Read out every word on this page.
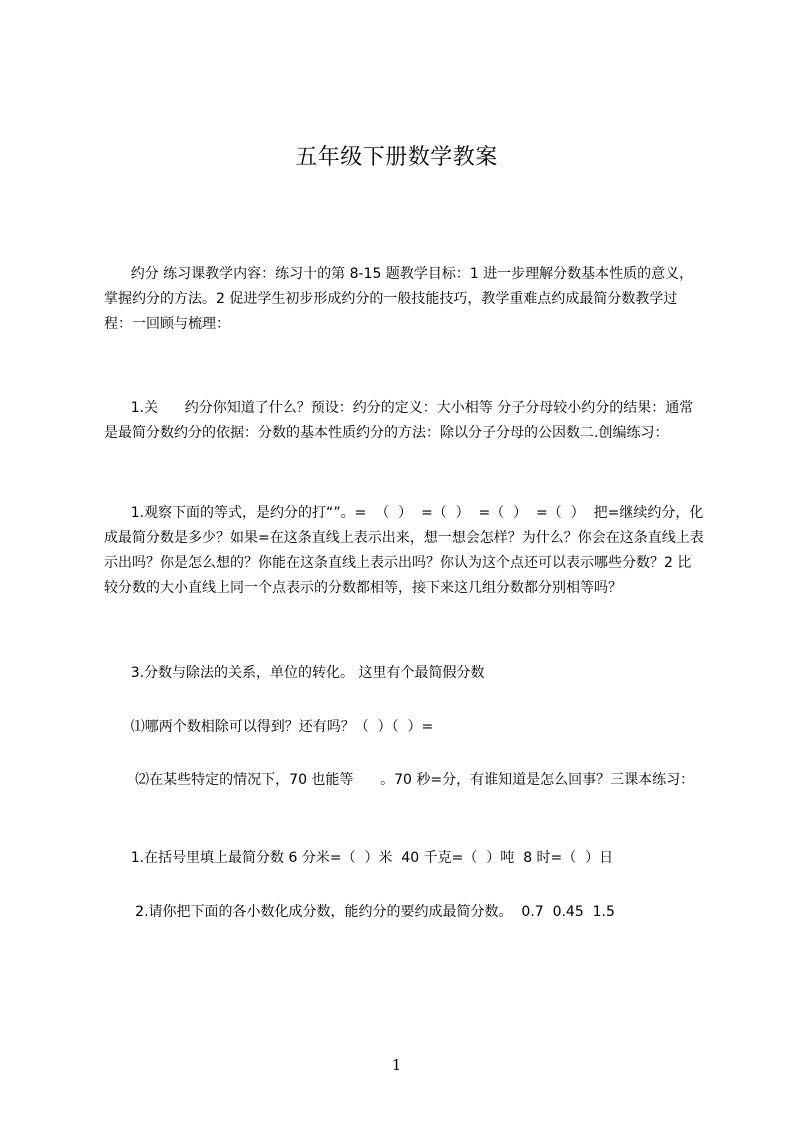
五年级下册数学教案
约分 练习课教学内容：练习十的第 8-15 题教学目标：1 进一步理解分数基本性质的意义，掌握约分的方法。2 促进学生初步形成约分的一般技能技巧，教学重难点约成最简分数教学过程：一回顾与梳理：
1.关      约分你知道了什么？预设：约分的定义：大小相等 分子分母较小约分的结果：通常是最简分数约分的依据：分数的基本性质约分的方法：除以分子分母的公因数二.创编练习：
1.观察下面的等式，是约分的打“”。=  （  ）  =（  ）  =（  ）  =（  ）  把=继续约分，化成最简分数是多少？如果=在这条直线上表示出来，想一想会怎样？为什么？你会在这条直线上表示出吗？你是怎么想的？你能在这条直线上表示出吗？你认为这个点还可以表示哪些分数？2 比较分数的大小直线上同一个点表示的分数都相等，接下来这几组分数都分别相等吗？
3.分数与除法的关系，单位的转化。 这里有个最简假分数
⑴哪两个数相除可以得到？还有吗？（  ）（  ）=
⑵在某些特定的情况下，70 也能等      。70 秒=分，有谁知道是怎么回事？三课本练习：
1.在括号里填上最简分数 6 分米=（  ）米  40 千克=（  ）吨  8 时=（  ）日
2.请你把下面的各小数化成分数，能约分的要约成最简分数。  0.7  0.45  1.5
1
